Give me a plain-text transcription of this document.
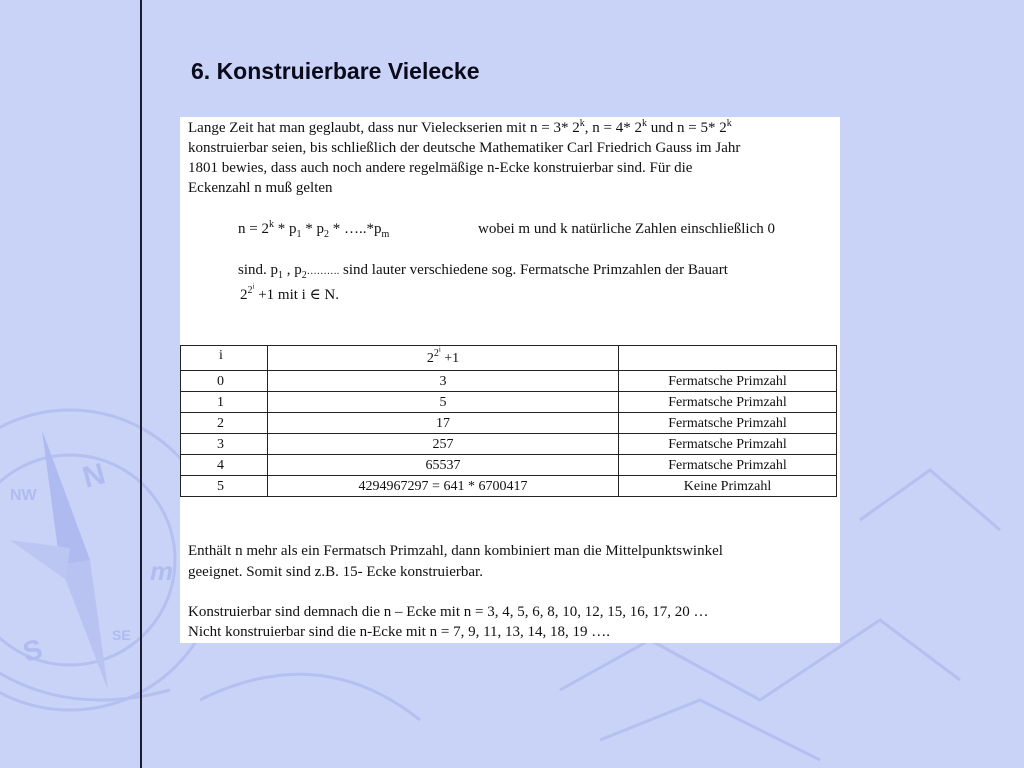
N
S
NW
SE
m
6. Konstruierbare Vielecke

Lange Zeit hat man geglaubt, dass nur Vieleckserien mit n = 3* 2$^k$, n = 4* 2$^k$ und n = 5* 2$^k$

konstruierbar seien, bis schließlich der deutsche Mathematiker Carl Friedrich Gauss im Jahr

1801 bewies, dass auch noch andere regelmäßige n-Ecke konstruierbar sind. Für die

Eckenzahl n muß gelten

$n = 2^k * p_1 * p_2$ * $\dots..*p_m$	wobei m und k natürliche Zahlen einschließlich 0

sind. $p_1$ , $p_2\dots\dots\dots$. sind lauter verschiedene sog. Fermatsche Primzahlen der Bauart

$2^{2^i} +1$ mit i ∈ N.

i	$2^{2^i} +1$	
0	3	Fermatsche Primzahl
1	5	Fermatsche Primzahl
2	17	Fermatsche Primzahl
3	257	Fermatsche Primzahl
4	65537	Fermatsche Primzahl
5	4294967297 = 641 * 6700417	Keine Primzahl

Enthält n mehr als ein Fermatsch Primzahl, dann kombiniert man die Mittelpunktswinkel

geeignet. Somit sind z.B. 15- Ecke konstruierbar.

Konstruierbar sind demnach die n – Ecke mit n = 3, 4, 5, 6, 8, 10, 12, 15, 16, 17, 20 …

Nicht konstruierbar sind die n-Ecke mit n = 7, 9, 11, 13, 14, 18, 19 ….
